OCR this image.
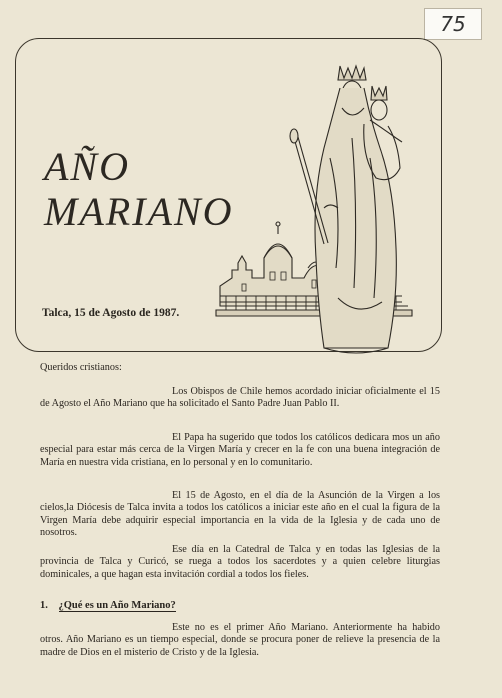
75
AÑO
MARIANO
Talca, 15 de Agosto de 1987.
Queridos cristianos:

Los Obispos de Chile hemos acordado iniciar oficialmente el 15 de Agosto el Año Mariano que ha solicitado el Santo Padre Juan Pablo II.

El Papa ha sugerido que todos los católicos dedicara mos un año especial para estar más cerca de la Virgen María y crecer en la fe con una buena integración de María en nuestra vida cristiana, en lo personal y en lo comunitario.

El 15 de Agosto, en el día de la Asunción de la Virgen a los cielos,la Diócesis de Talca invita a todos los católicos a iniciar este año en el cual la figura de la Virgen María debe adquirir especial importancia en la vida de la Iglesia y de cada uno de nosotros.

Ese día en la Catedral de Talca y en todas las Iglesias de la provincia de Talca y Curicó, se ruega a todos los sacerdotes y a quien celebre liturgias dominicales, a que hagan esta invitación cordial a todos los fieles.

1. ¿Qué es un Año Mariano?

Este no es el primer Año Mariano. Anteriormente ha habido otros. Año Mariano es un tiempo especial, donde se procura poner de relieve la presencia de la madre de Dios en el misterio de Cristo y de la Iglesia.
